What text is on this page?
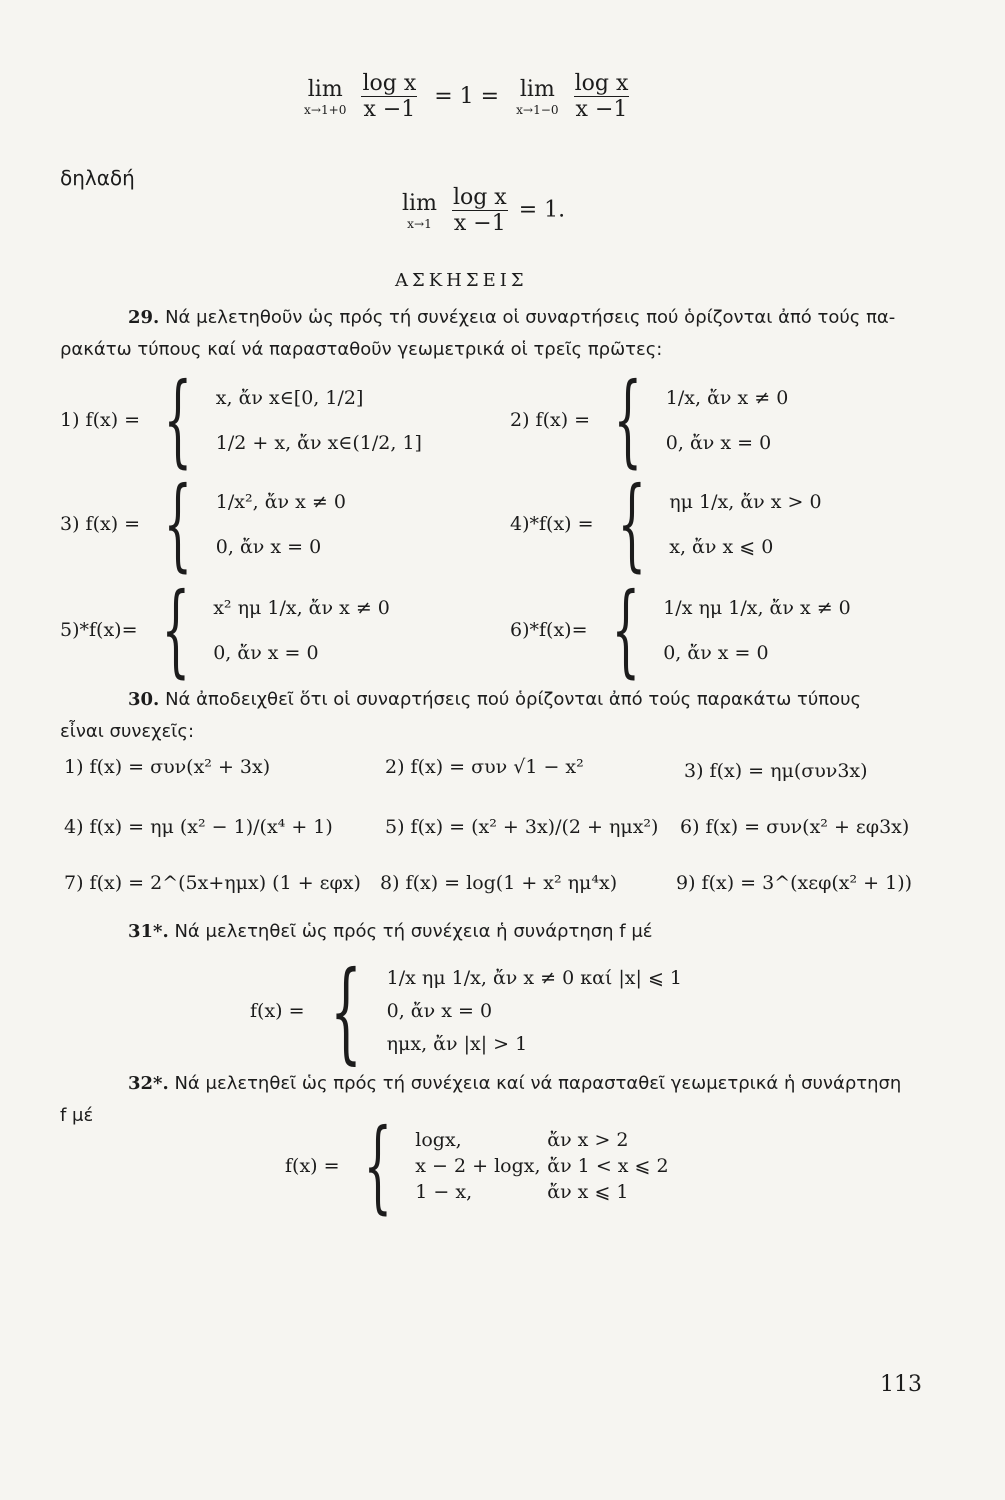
lim
x→1+0
$\frac{\text{log x}}{x -1} = 1 = \lim$
x→1−0
$\frac{\text{log x}}{x -1}$
δηλαδή
lim
x→1
$\frac{\text{log x}}{x -1} = 1$.
ΑΣΚΗΣΕΙΣ
29. Νά μελετηθοῦν ὡς πρός τή συνέχεια οἱ συναρτήσεις πού ὁρίζονται ἀπό τούς πα-
ρακάτω τύπους καί νά παρασταθοῦν γεωμετρικά οἱ τρεῖς πρῶτες:
1) f(x) = { x, ἄν x∈[0, 1/2]
1/2 + x, ἄν x∈(1/2, 1]
2) f(x) = { 1/x, ἄν x ≠ 0
0, ἄν x = 0
3) f(x) = { 1/x², ἄν x ≠ 0
0, ἄν x = 0
4)*f(x) = { ημ 1/x, ἄν x > 0
x, ἄν x ⩽ 0
5)*f(x)= { x² ημ 1/x, ἄν x ≠ 0
0, ἄν x = 0
6)*f(x)= { 1/x ημ 1/x, ἄν x ≠ 0
0, ἄν x = 0
30. Νά ἀποδειχθεῖ ὅτι οἱ συναρτήσεις πού ὁρίζονται ἀπό τούς παρακάτω τύπους
εἶναι συνεχεῖς:
1) f(x) = συν(x² + 3x)	2) f(x) = συν √1 − x²	3) f(x) = ημ(συν3x)
4) f(x) = ημ (x² − 1)/(x⁴ + 1)	5) f(x) = (x² + 3x)/(2 + ημx²) 6) f(x) = συν(x² + εφ3x)
7) f(x) = 2^(5x+ημx) (1 + εφx) 8) f(x) = log(1 + x² ημ⁴x)	9) f(x) = 3^(xεφ(x² + 1))
31*. Νά μελετηθεῖ ὡς πρός τή συνέχεια ἡ συνάρτηση f μέ
f(x) = { 1/x ημ 1/x, ἄν x ≠ 0 καί |x| ⩽ 1
0, ἄν x = 0
ημx, ἄν |x| > 1
32*. Νά μελετηθεῖ ὡς πρός τή συνέχεια καί νά παρασταθεῖ γεωμετρικά ἡ συνάρτηση
f μέ
f(x) = { logx,	ἄν x > 2
x − 2 + logx, ἄν 1 < x ⩽ 2
1 − x,	ἄν x ⩽ 1
113
